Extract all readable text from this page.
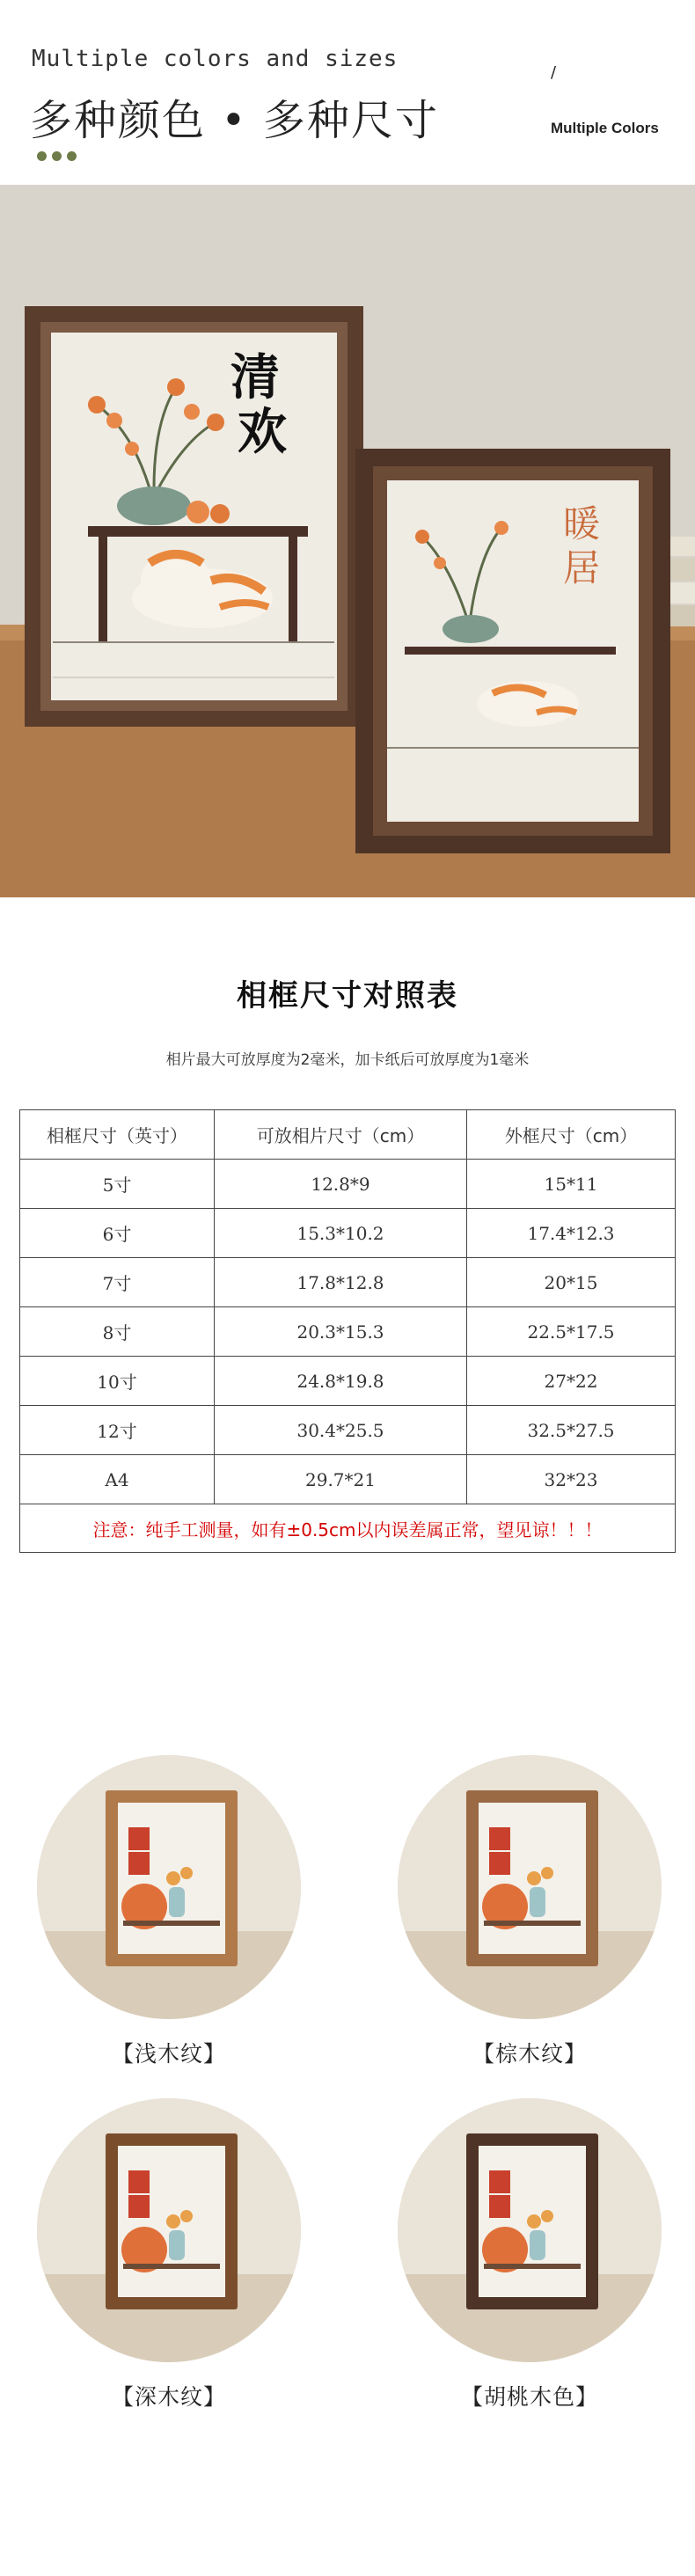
Multiple colors and sizes
多种颜色 • 多种尺寸
/
Multiple Colors
清
欢
暖
居
相框尺寸对照表
相片最大可放厚度为2毫米，加卡纸后可放厚度为1毫米
相框尺寸（英寸）	可放相片尺寸（cm）	外框尺寸（cm）
5寸	12.8*9	15*11
6寸	15.3*10.2	17.4*12.3
7寸	17.8*12.8	20*15
8寸	20.3*15.3	22.5*17.5
10寸	24.8*19.8	27*22
12寸	30.4*25.5	32.5*27.5
A4	29.7*21	32*23
注意：纯手工测量，如有±0.5cm以内误差属正常，望见谅！！！		
【浅木纹】	【棕木纹】
【深木纹】	【胡桃木色】
